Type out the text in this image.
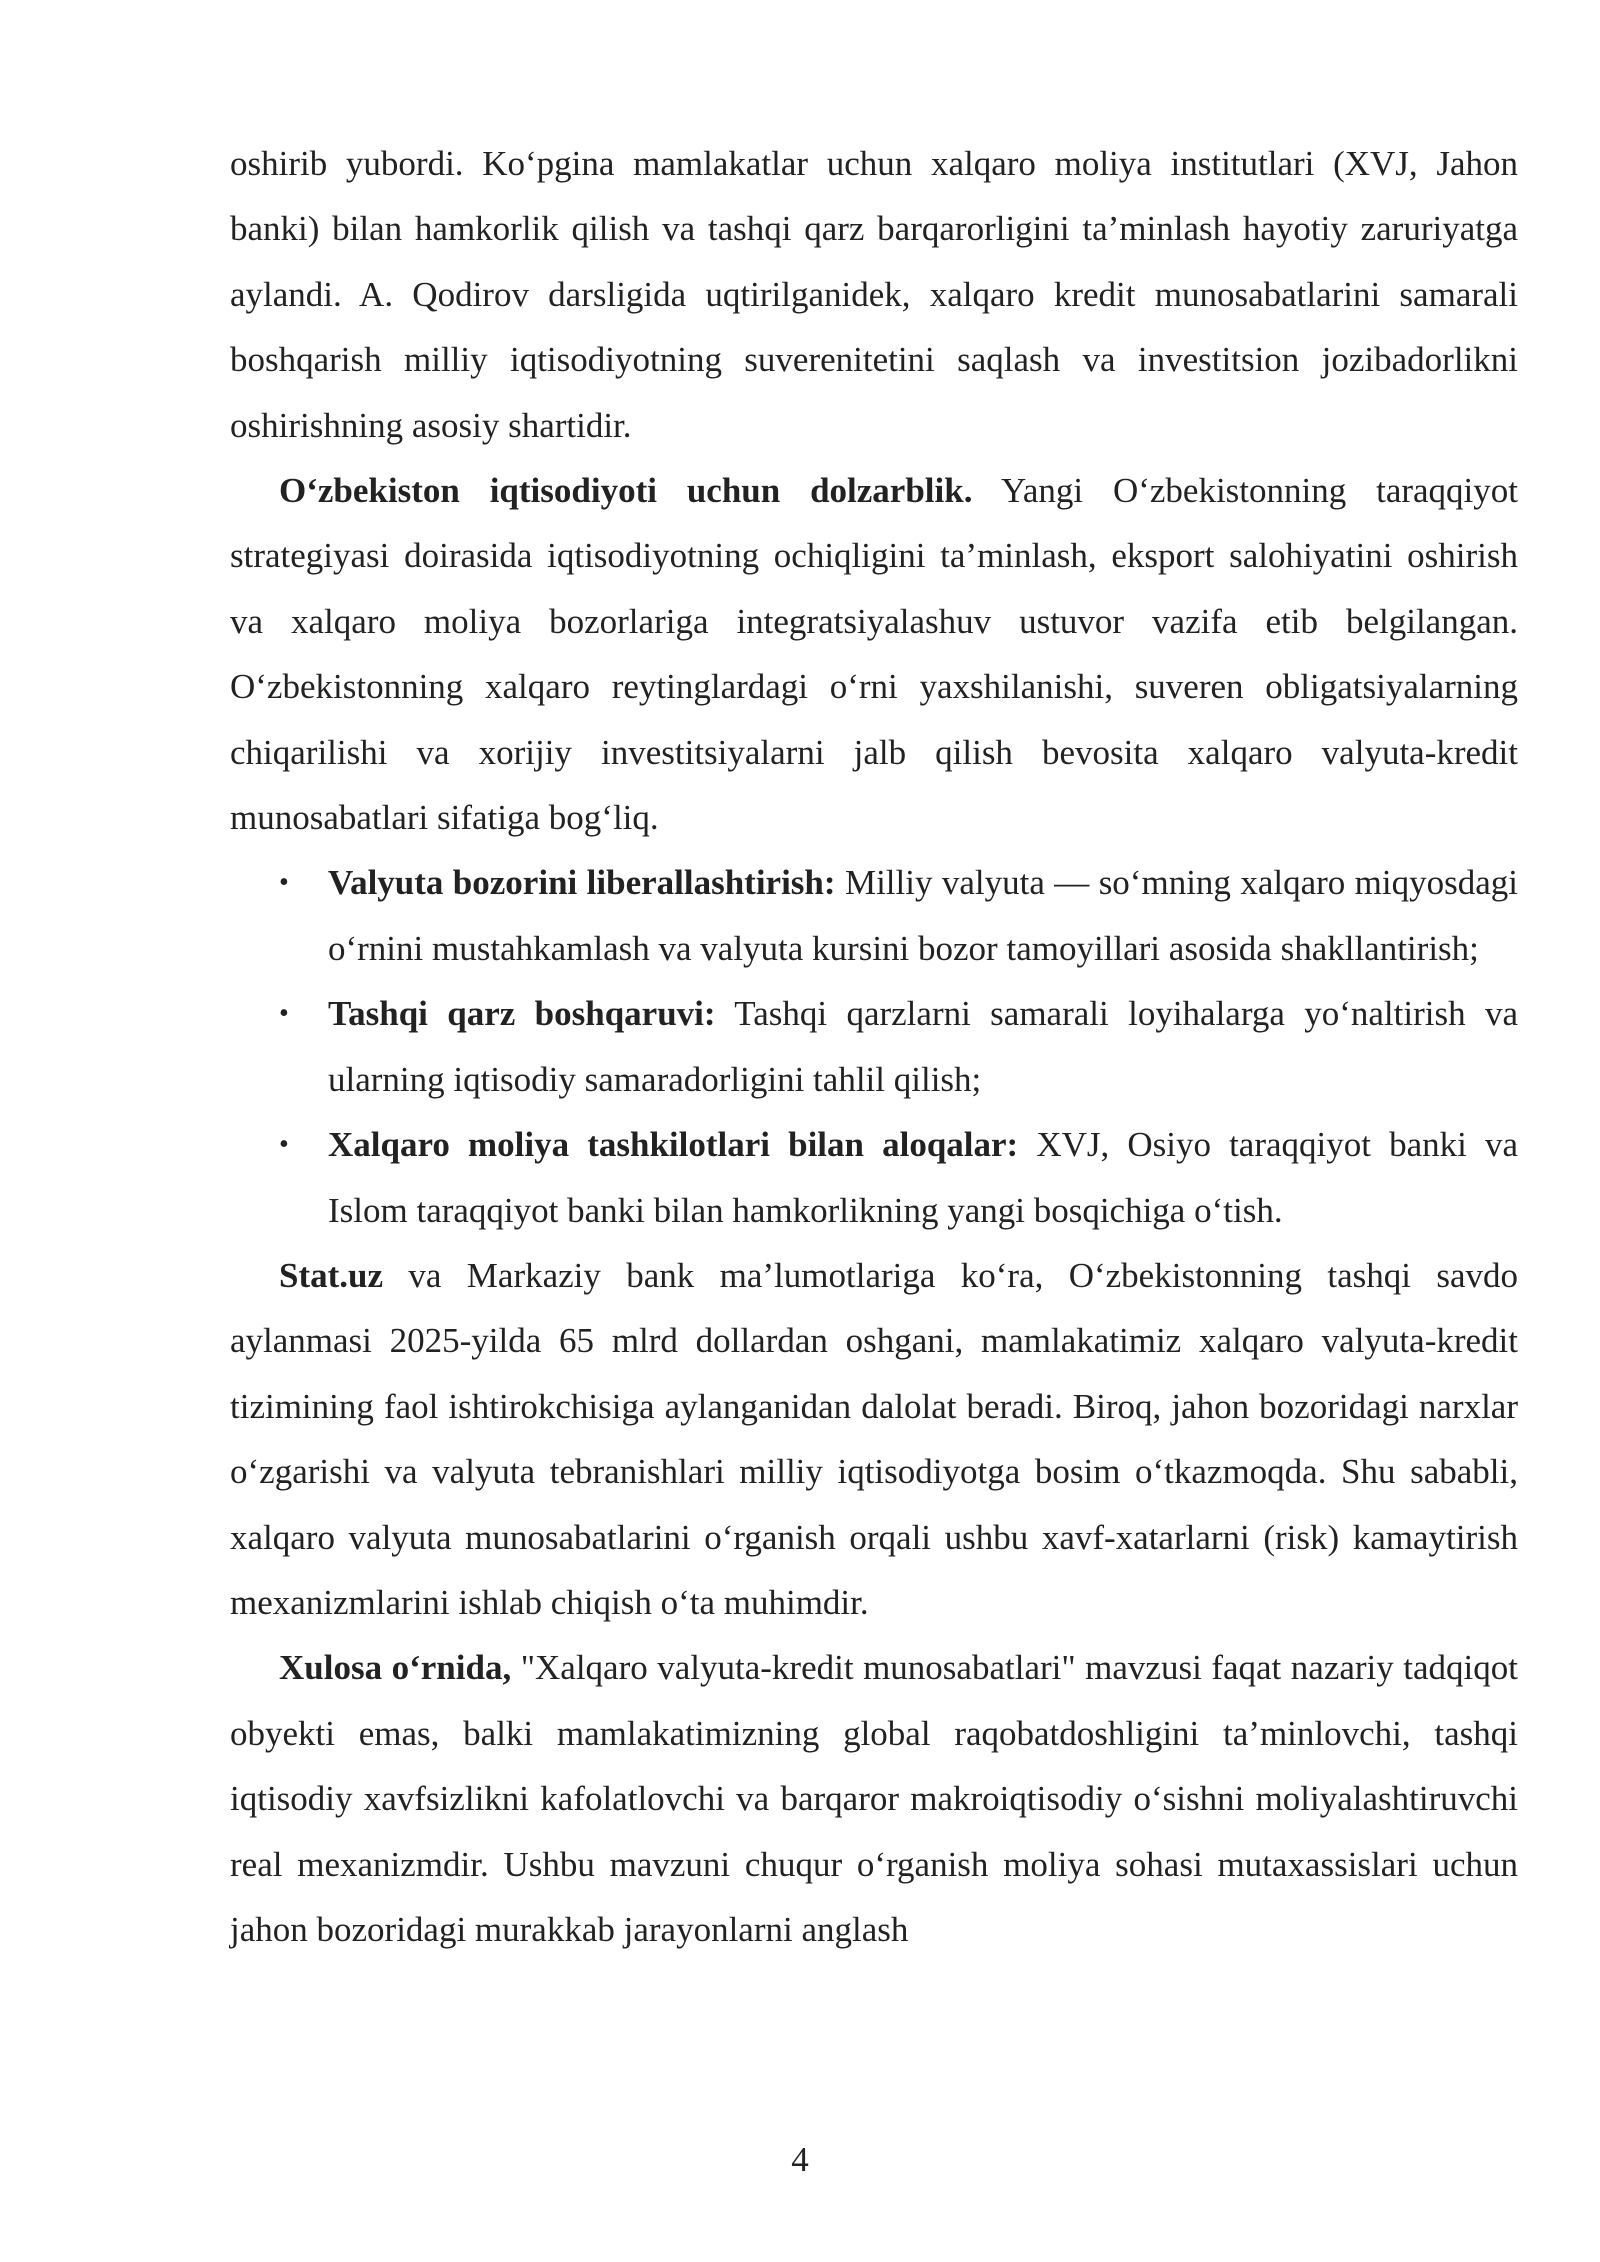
oshirib yubordi. Ko‘pgina mamlakatlar uchun xalqaro moliya institutlari (XVJ, Jahon banki) bilan hamkorlik qilish va tashqi qarz barqarorligini ta’minlash hayotiy zaruriyatga aylandi. A. Qodirov darsligida uqtirilganidek, xalqaro kredit munosabatlarini samarali boshqarish milliy iqtisodiyotning suverenitetini saqlash va investitsion jozibadorlikni oshirishning asosiy shartidir.

O‘zbekiston iqtisodiyoti uchun dolzarblik. Yangi O‘zbekistonning taraqqiyot strategiyasi doirasida iqtisodiyotning ochiqligini ta’minlash, eksport salohiyatini oshirish va xalqaro moliya bozorlariga integratsiyalashuv ustuvor vazifa etib belgilangan. O‘zbekistonning xalqaro reytinglardagi o‘rni yaxshilanishi, suveren obligatsiyalarning chiqarilishi va xorijiy investitsiyalarni jalb qilish bevosita xalqaro valyuta-kredit munosabatlari sifatiga bog‘liq.

• Valyuta bozorini liberallashtirish: Milliy valyuta — so‘mning xalqaro miqyosdagi o‘rnini mustahkamlash va valyuta kursini bozor tamoyillari asosida shakllantirish;
• Tashqi qarz boshqaruvi: Tashqi qarzlarni samarali loyihalarga yo‘naltirish va ularning iqtisodiy samaradorligini tahlil qilish;
• Xalqaro moliya tashkilotlari bilan aloqalar: XVJ, Osiyo taraqqiyot banki va Islom taraqqiyot banki bilan hamkorlikning yangi bosqichiga o‘tish.

Stat.uz va Markaziy bank ma’lumotlariga ko‘ra, O‘zbekistonning tashqi savdo aylanmasi 2025-yilda 65 mlrd dollardan oshgani, mamlakatimiz xalqaro valyuta-kredit tizimining faol ishtirokchisiga aylanganidan dalolat beradi. Biroq, jahon bozoridagi narxlar o‘zgarishi va valyuta tebranishlari milliy iqtisodiyotga bosim o‘tkazmoqda. Shu sababli, xalqaro valyuta munosabatlarini o‘rganish orqali ushbu xavf-xatarlarni (risk) kamaytirish mexanizmlarini ishlab chiqish o‘ta muhimdir.

Xulosa o‘rnida, "Xalqaro valyuta-kredit munosabatlari" mavzusi faqat nazariy tadqiqot obyekti emas, balki mamlakatimizning global raqobatdoshligini ta’minlovchi, tashqi iqtisodiy xavfsizlikni kafolatlovchi va barqaror makroiqtisodiy o‘sishni moliyalashtiruvchi real mexanizmdir. Ushbu mavzuni chuqur o‘rganish moliya sohasi mutaxassislari uchun jahon bozoridagi murakkab jarayonlarni anglash

4
